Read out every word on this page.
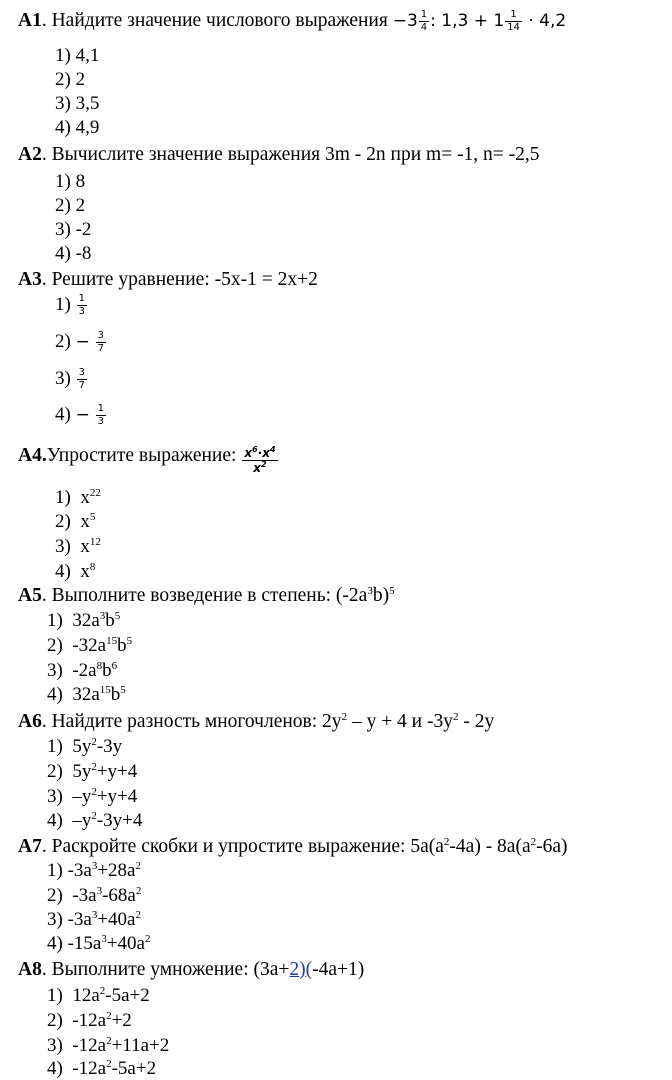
A1. Найдите значение числового выражения $-3 \frac{1}{4}$ : $1,3 + 1 \frac{1}{14} \cdot 4,2$
1) 4,1
2) 2
3) 3,5
4) 4,9
A2. Вычислите значение выражения 3m - 2n при m= -1, n= -2,5
1) 8
2) 2
3) -2
4) -8
A3. Решите уравнение: -5x-1 = 2x+2
$1) \frac{1}{3}$
$2) - \frac{3}{7}$
$3) \frac{3}{7}$
$4) - \frac{1}{3}$
A4.Упростите выражение: $\frac{x^6\cdot x^4}{x^2}$
1) $x^{22}$
2) $x^5$
3) $x^{12}$
4) $x^8$
A5. Выполните возведение в степень: $(-2a^3b)^5$
1) $32a^3b^5$
2) $-32a^{15}b^5$
3) $-2a^8b^6$
4) $32a^{15}b^5$
A6. Найдите разность многочленов: $2y^2 - y + 4$ и $-3y^2 - 2y$
1) $5y^2-3y$
2) $5y^2+y+4$
3) $-y^2+y+4$
4) $-y^2-3y+4$
A7. Раскройте скобки и упростите выражение: $5a(a^2-4a) - 8a(a^2-6a)$
1) $-3a^3+28a^2$
2)  $-3a^3-68a^2$
3) $-3a^3+40a^2$
4) $-15a^3+40a^2$
A8. Выполните умножение: (3a+2)(-4a+1)
1)  $12a^2-5a+2$
2)  $-12a^2+2$
3)  $-12a^2+11a+2$
4)  $-12a^2-5a+2$
